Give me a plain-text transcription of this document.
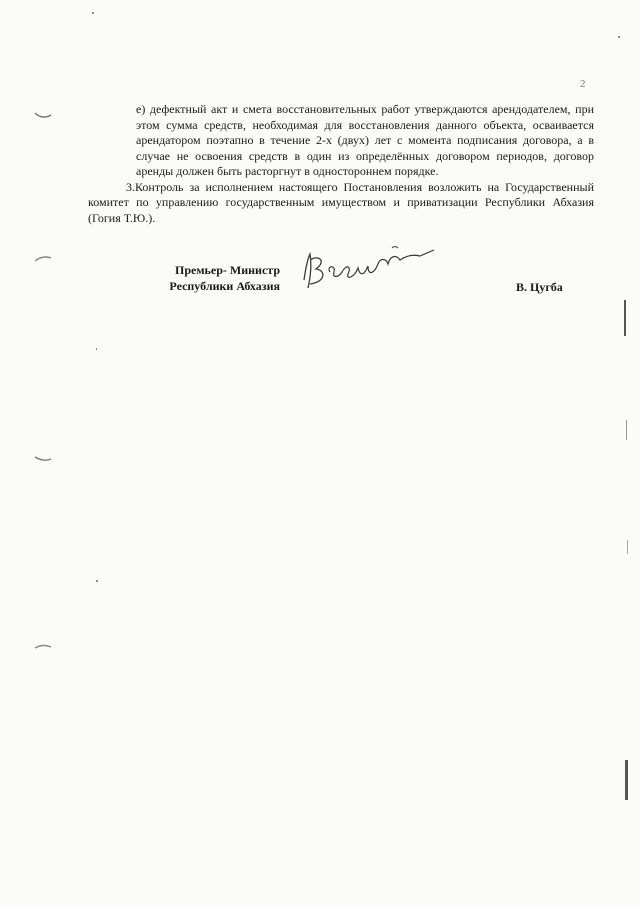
2

е) дефектный акт и смета восстановительных работ утверждаются арендодателем, при этом сумма средств, необходимая для восстановления данного объекта, осваивается арендатором поэтапно в течение 2-х (двух) лет с момента подписания договора, а в случае не освоения средств в один из определённых договором периодов, договор аренды должен быть расторгнут в одностороннем порядке.

3.Контроль за исполнением настоящего Постановления возложить на Государственный комитет по управлению государственным имуществом и приватизации Республики Абхазия (Гогия Т.Ю.).

Премьер- Министр
Республики Абхазия	В. Цугба
